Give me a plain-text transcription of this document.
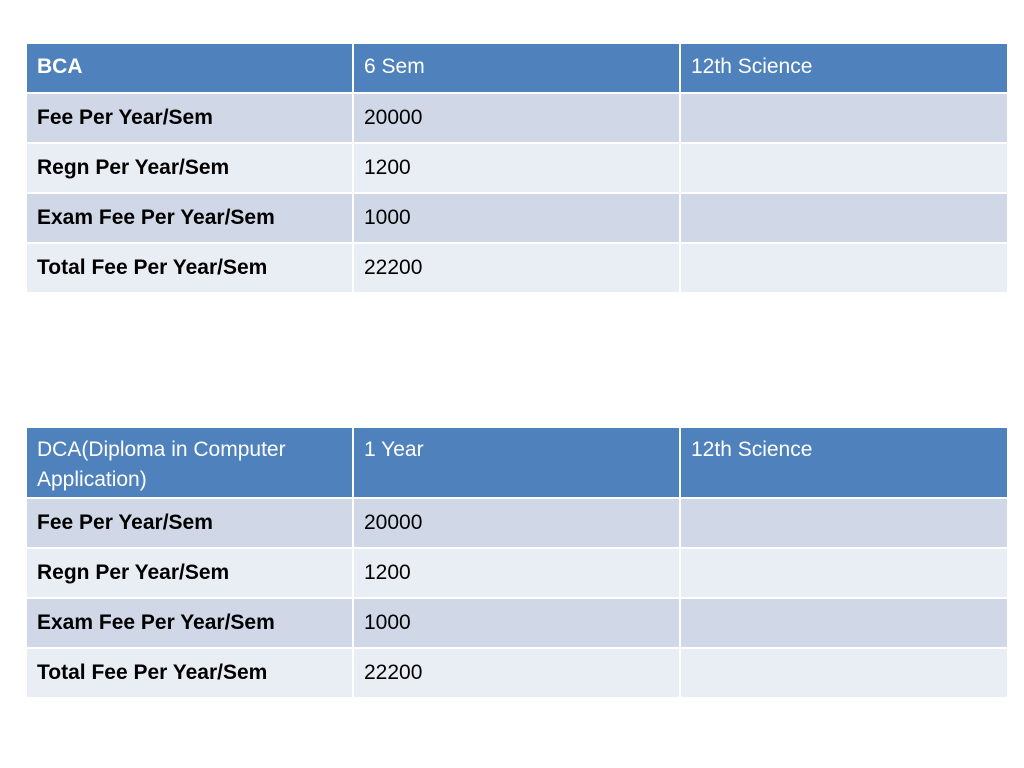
BCA	6 Sem	12th Science
Fee Per Year/Sem	20000	
Regn Per Year/Sem	1200	
Exam Fee Per Year/Sem	1000	
Total Fee Per Year/Sem	22200	
DCA(Diploma in Computer Application)	1 Year	12th Science
Fee Per Year/Sem	20000	
Regn Per Year/Sem	1200	
Exam Fee Per Year/Sem	1000	
Total Fee Per Year/Sem	22200	
